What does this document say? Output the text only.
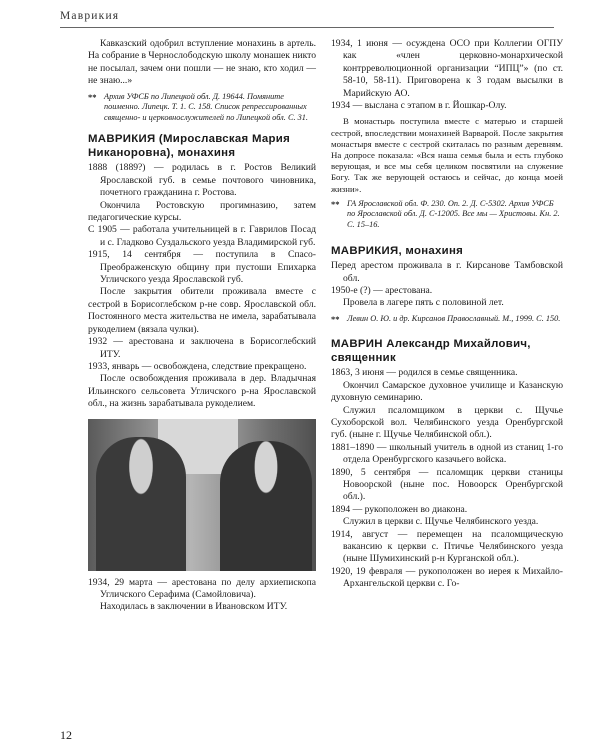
Маврикия

Кавказский одобрил вступление монахинь в артель. На собрание в Чернослободскую школу монашек никто не посылал, зачем они пошли — не знаю, кто ходил — не знаю...»

** Архив УФСБ по Липецкой обл. Д. 19644. Помяните поименно. Липецк. Т. 1. С. 158. Список репрессированных священно- и церковнослужителей по Липецкой обл. С. 31.

МАВРИКИЯ (Мирославская Мария Никаноровна), монахиня

1888 (1889?) — родилась в г. Ростов Великий Ярославской губ. в семье почтового чиновника, почетного гражданина г. Ростова.

Окончила Ростовскую прогимназию, затем педагогические курсы.

С 1905 — работала учительницей в г. Гаврилов Посад и с. Гладково Суздальского уезда Владимирской губ.

1915, 14 сентября — поступила в Спасо-Преображенскую общину при пустоши Епихарка Угличского уезда Ярославской губ.

После закрытия обители проживала вместе с сестрой в Борисоглебском р-не совр. Ярославской обл. Постоянного места жительства не имела, зарабатывала рукоделием (вязала чулки).

1932 — арестована и заключена в Борисоглебский ИТУ.

1933, январь — освобождена, следствие прекращено.

После освобождения проживала в дер. Владычная Ильинского сельсовета Угличского р-на Ярославской обл., на жизнь зарабатывала рукоделием.

1934, 29 марта — арестована по делу архиепископа Угличского Серафима (Самойловича).

Находилась в заключении в Ивановском ИТУ.

1934, 1 июня — осуждена ОСО при Коллегии ОГПУ как «член церковно-монархической контрреволюционной организации “ИПЦ”» (по ст. 58-10, 58-11). Приговорена к 3 годам высылки в Марийскую АО.

1934 — выслана с этапом в г. Йошкар-Олу.

В монастырь поступила вместе с матерью и старшей сестрой, впоследствии монахиней Варварой. После закрытия монастыря вместе с сестрой скиталась по разным деревням. На допросе показала: «Вся наша семья была и есть глубоко верующая, и все мы себя целиком посвятили на служение Богу. Так же верующей остаюсь и сейчас, до конца моей жизни».

** ГА Ярославской обл. Ф. 230. Оп. 2. Д. С-5302. Архив УФСБ по Ярославской обл. Д. С-12005. Все мы — Христовы. Кн. 2. С. 15–16.

МАВРИКИЯ, монахиня

Перед арестом проживала в г. Кирсанове Тамбовской обл.

1950-е (?) — арестована.

Провела в лагере пять с половиной лет.

** Левин О. Ю. и др. Кирсанов Православный. М., 1999. С. 150.

МАВРИН Александр Михайлович, священник

1863, 3 июня — родился в семье священника.

Окончил Самарское духовное училище и Казанскую духовную семинарию.

Служил псаломщиком в церкви с. Щучье Сухоборской вол. Челябинского уезда Оренбургской губ. (ныне г. Щучье Челябинской обл.).

1881–1890 — школьный учитель в одной из станиц 1-го отдела Оренбургского казачьего войска.

1890, 5 сентября — псаломщик церкви станицы Новоорской (ныне пос. Новоорск Оренбургской обл.).

1894 — рукоположен во диакона.

Служил в церкви с. Щучье Челябинского уезда.

1914, август — перемещен на псаломщическую вакансию к церкви с. Птичье Челябинского уезда (ныне Шумихинский р-н Курганской обл.).

1920, 19 февраля — рукоположен во иерея к Михайло-Архангельской церкви с. Го-

12
